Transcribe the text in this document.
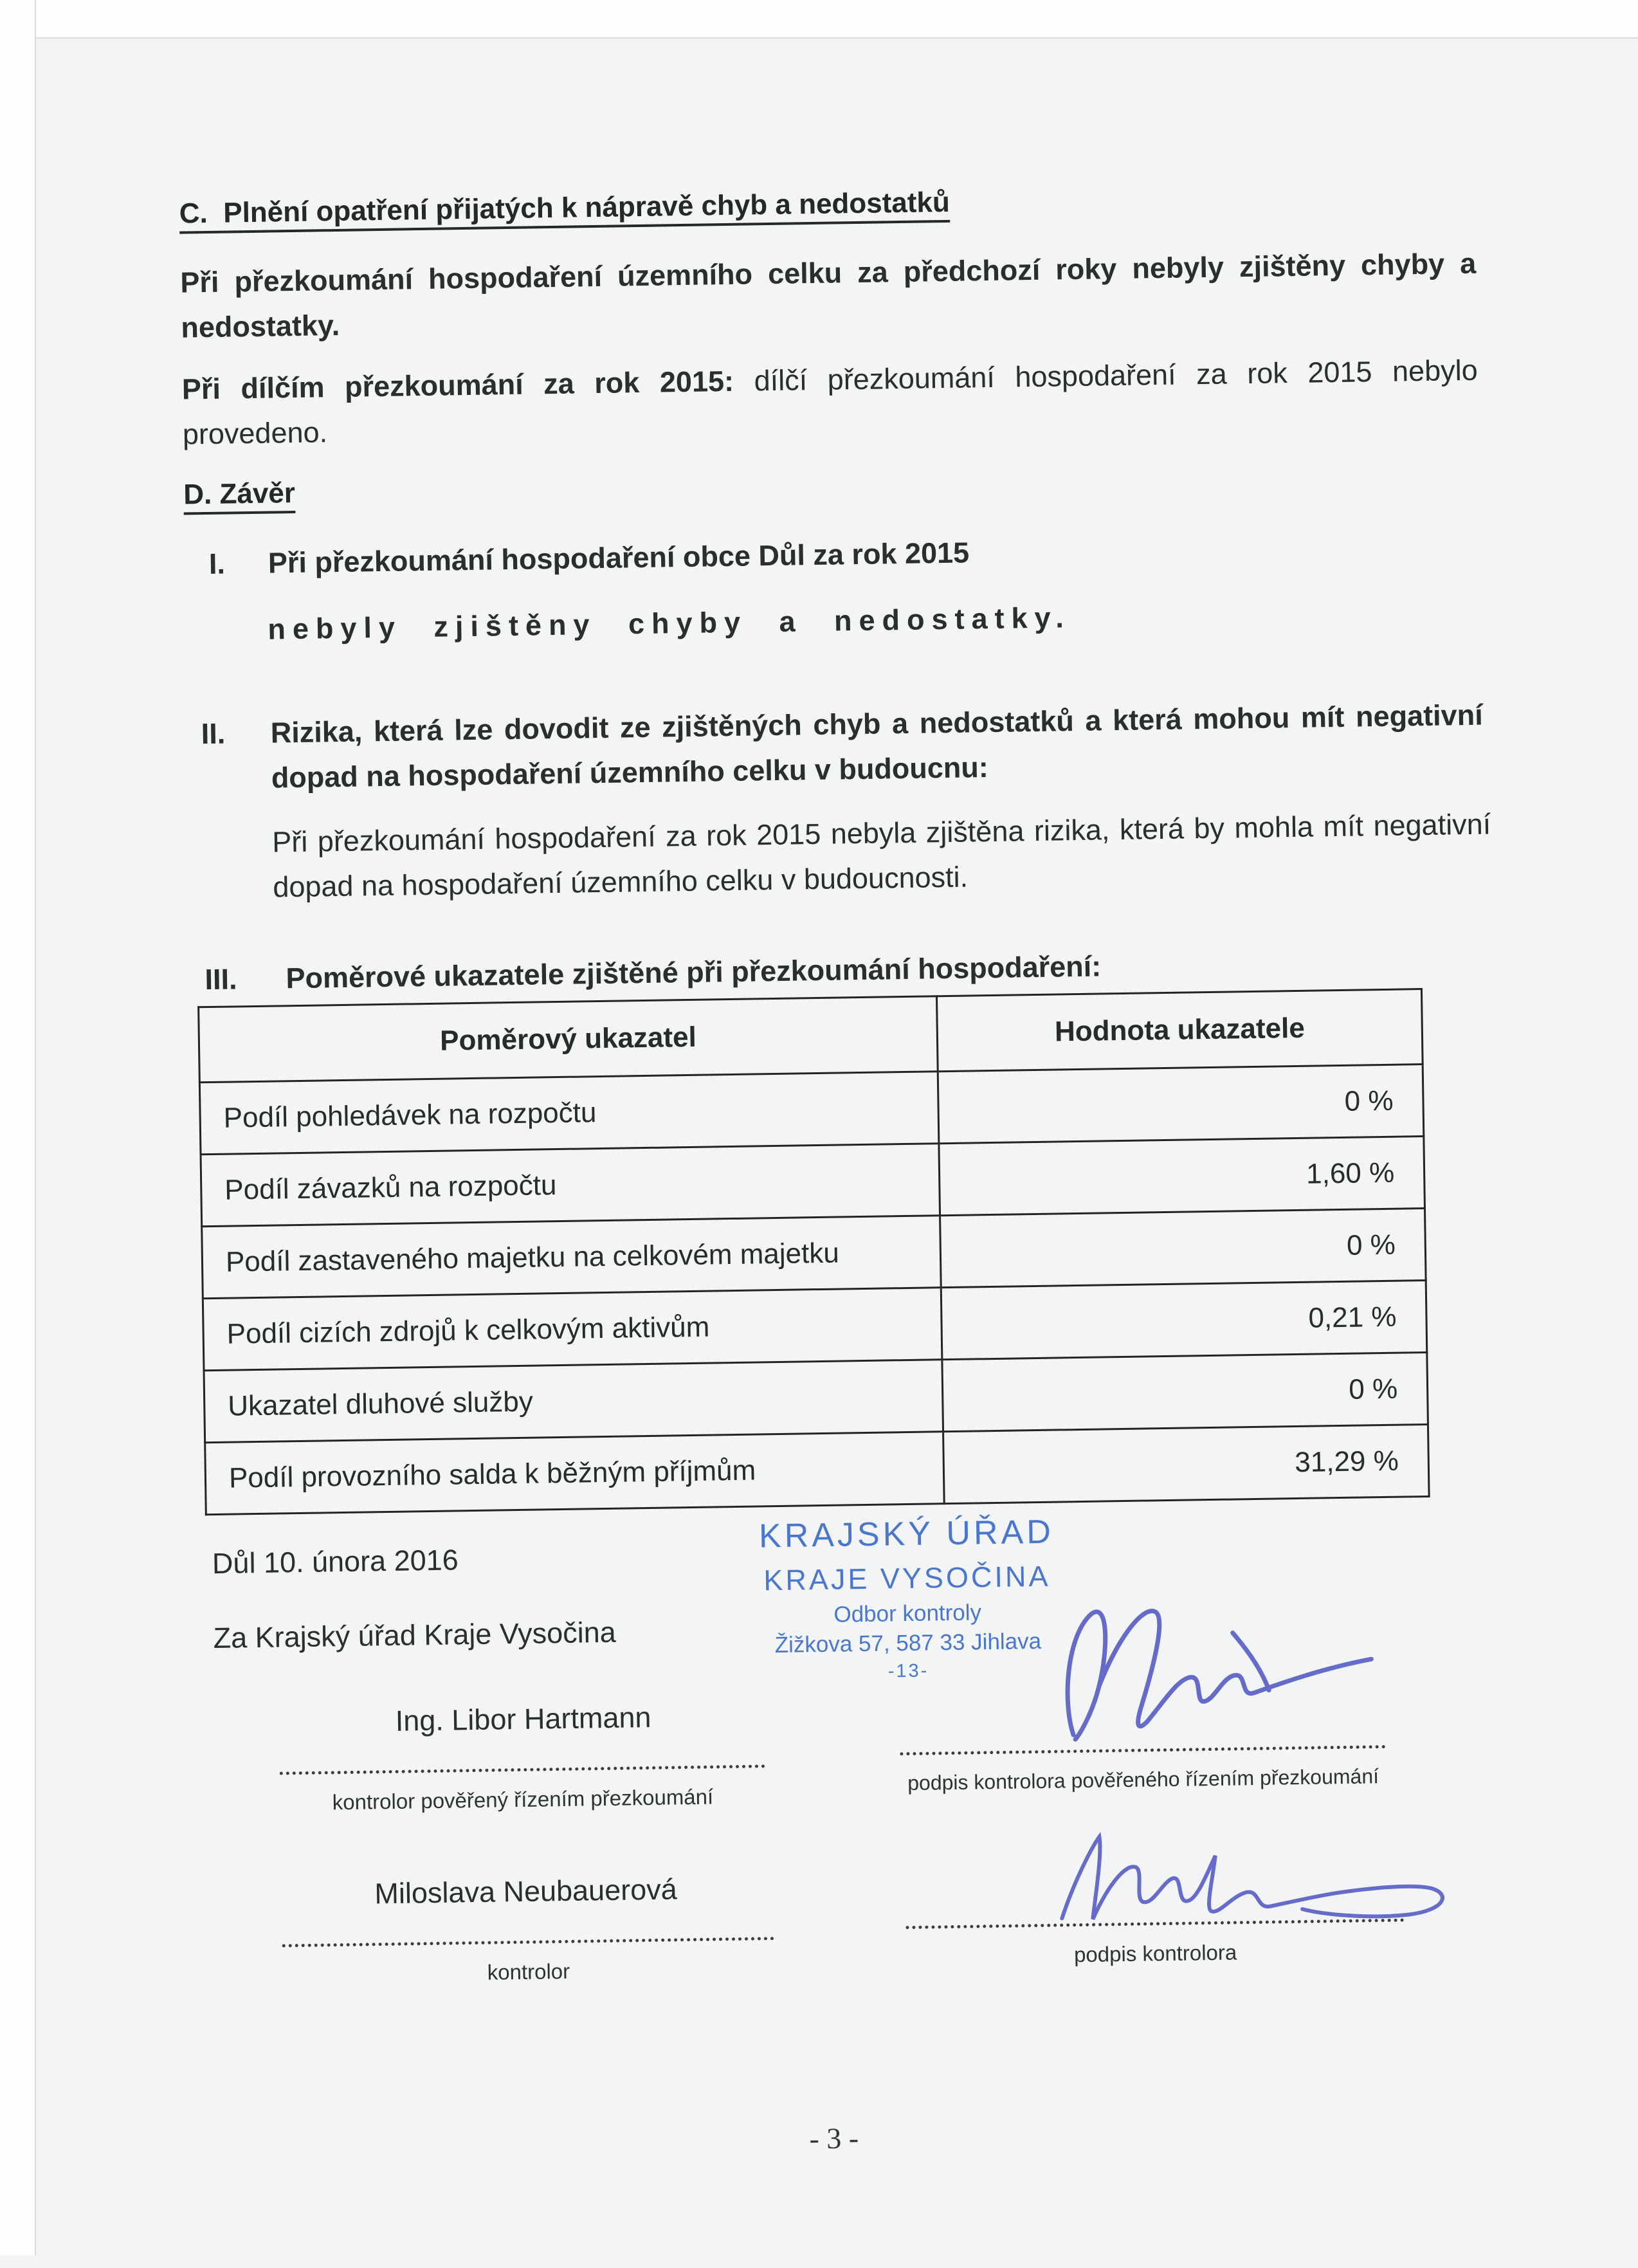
C.  Plnění opatření přijatých k nápravě chyb a nedostatků
Při přezkoumání hospodaření územního celku za předchozí roky nebyly zjištěny chyby a nedostatky.
Při dílčím přezkoumání za rok 2015: dílčí přezkoumání hospodaření za rok 2015 nebylo provedeno.
D. Závěr
I. Při přezkoumání hospodaření obce Důl za rok 2015
nebyly zjištěny chyby a nedostatky.
II. Rizika, která lze dovodit ze zjištěných chyb a nedostatků a která mohou mít negativní dopad na hospodaření územního celku v budoucnu:
Při přezkoumání hospodaření za rok 2015 nebyla zjištěna rizika, která by mohla mít negativní dopad na hospodaření územního celku v budoucnosti.
III. Poměrové ukazatele zjištěné při přezkoumání hospodaření:
Poměrový ukazatel	Hodnota ukazatele
Podíl pohledávek na rozpočtu	0 %
Podíl závazků na rozpočtu	1,60 %
Podíl zastaveného majetku na celkovém majetku	0 %
Podíl cizích zdrojů k celkovým aktivům	0,21 %
Ukazatel dluhové služby	0 %
Podíl provozního salda k běžným příjmům	31,29 %
Důl 10. února 2016
Za Krajský úřad Kraje Vysočina
KRAJSKÝ ÚŘAD
KRAJE VYSOČINA
Odbor kontroly
Žižkova 57, 587 33 Jihlava
-13-
podpis kontrolora pověřeného řízením přezkoumání
Ing. Libor Hartmann
kontrolor pověřený řízením přezkoumání
podpis kontrolora
Miloslava Neubauerová
kontrolor
- 3 -
